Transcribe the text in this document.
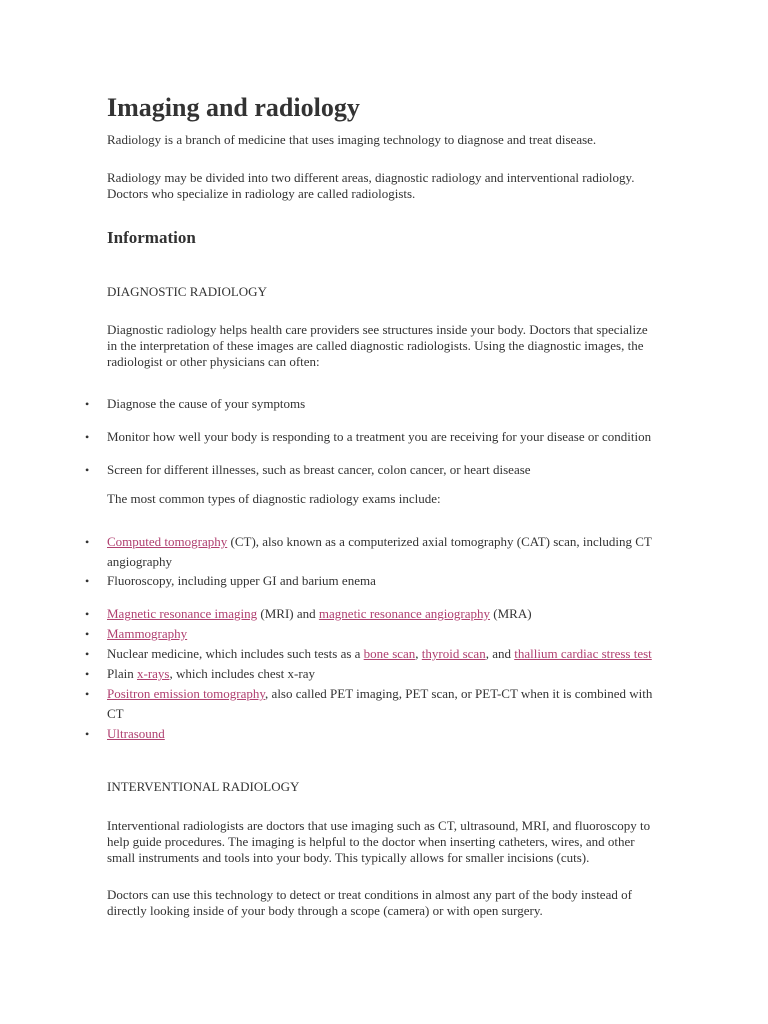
Imaging and radiology

Radiology is a branch of medicine that uses imaging technology to diagnose and treat disease.

Radiology may be divided into two different areas, diagnostic radiology and interventional radiology.
Doctors who specialize in radiology are called radiologists.
Information
DIAGNOSTIC RADIOLOGY
Diagnostic radiology helps health care providers see structures inside your body. Doctors that specialize
in the interpretation of these images are called diagnostic radiologists. Using the diagnostic images, the
radiologist or other physicians can often:
• Diagnose the cause of your symptoms
• Monitor how well your body is responding to a treatment you are receiving for your disease or condition
• Screen for different illnesses, such as breast cancer, colon cancer, or heart disease

The most common types of diagnostic radiology exams include:

• Computed tomography (CT), also known as a computerized axial tomography (CAT) scan, including CT angiography
• Fluoroscopy, including upper GI and barium enema
• Magnetic resonance imaging (MRI) and magnetic resonance angiography (MRA)
• Mammography
• Nuclear medicine, which includes such tests as a bone scan, thyroid scan, and thallium cardiac stress test
• Plain x-rays, which includes chest x-ray
• Positron emission tomography, also called PET imaging, PET scan, or PET-CT when it is combined with CT
• Ultrasound
INTERVENTIONAL RADIOLOGY
Interventional radiologists are doctors that use imaging such as CT, ultrasound, MRI, and fluoroscopy to
help guide procedures. The imaging is helpful to the doctor when inserting catheters, wires, and other
small instruments and tools into your body. This typically allows for smaller incisions (cuts).
Doctors can use this technology to detect or treat conditions in almost any part of the body instead of
directly looking inside of your body through a scope (camera) or with open surgery.
